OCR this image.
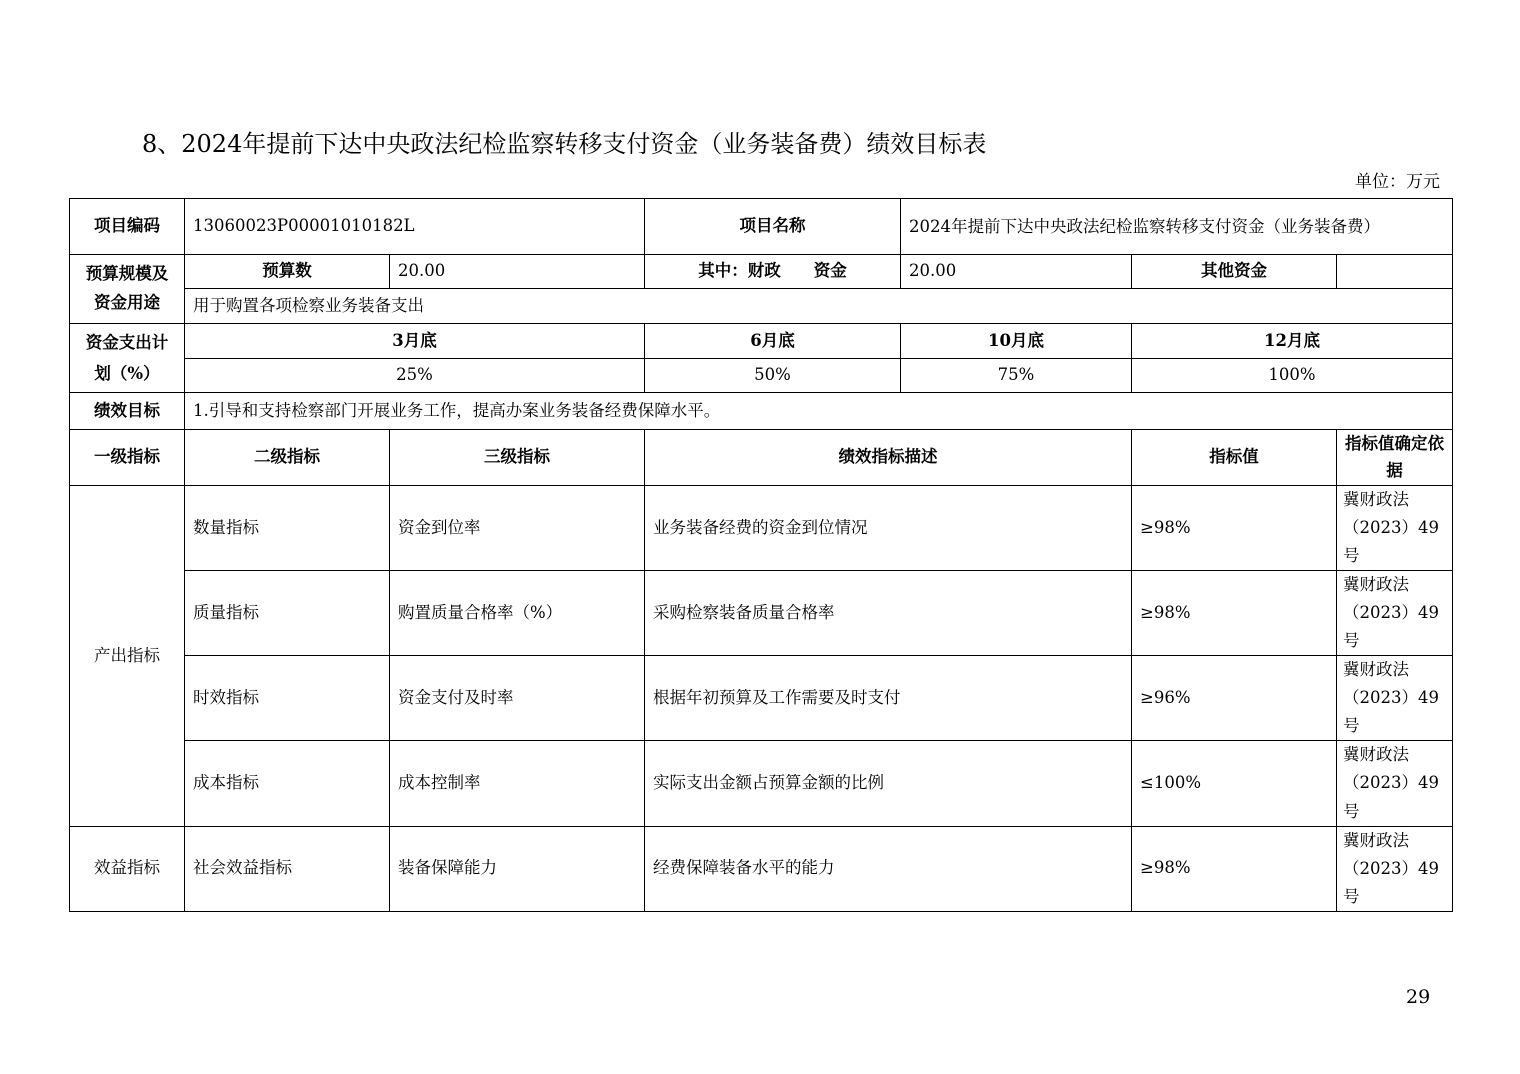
8、2024年提前下达中央政法纪检监察转移支付资金（业务装备费）绩效目标表
单位：万元
项目编码	13060023P00001010182L		项目名称	2024年提前下达中央政法纪检监察转移支付资金（业务装备费）		
预算规模及资金用途	预算数	20.00	其中：财政　　资金	20.00	其他资金	
	用于购置各项检察业务装备支出					
资金支出计划（%）	3月底		6月底	10月底	12月底	
	25%		50%	75%	100%	
绩效目标	1.引导和支持检察部门开展业务工作，提高办案业务装备经费保障水平。					
一级指标	二级指标	三级指标	绩效指标描述		指标值	指标值确定依据
产出指标	数量指标	资金到位率	业务装备经费的资金到位情况		≥98%	冀财政法（2023）49号
	质量指标	购置质量合格率（%）	采购检察装备质量合格率		≥98%	冀财政法（2023）49号
	时效指标	资金支付及时率	根据年初预算及工作需要及时支付		≥96%	冀财政法（2023）49号
	成本指标	成本控制率	实际支出金额占预算金额的比例		≤100%	冀财政法（2023）49号
效益指标	社会效益指标	装备保障能力	经费保障装备水平的能力		≥98%	冀财政法（2023）49号
29
